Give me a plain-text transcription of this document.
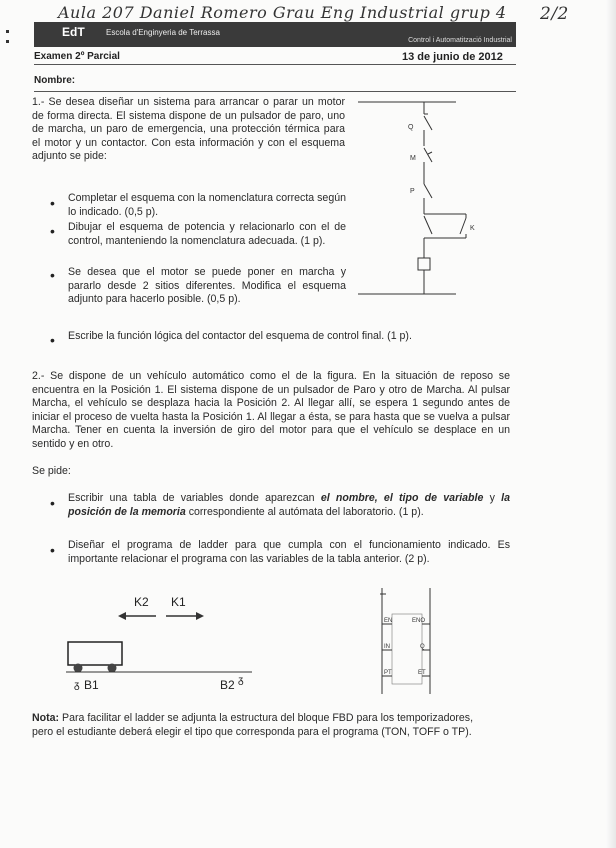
Aula 207 Daniel Romero Grau Eng Industrial grup 4 2/2
EdT	Escola d'Enginyeria de Terrassa
Control i Automatització Industrial
Examen 2º Parcial	13 de junio de 2012
Nombre:
1.- Se desea diseñar un sistema para arrancar o parar un motor de forma directa. El sistema dispone de un pulsador de paro, uno de marcha, un paro de emergencia, una protección térmica para el motor y un contactor. Con esta información y con el esquema adjunto se pide:
• Completar el esquema con la nomenclatura correcta según lo indicado. (0,5 p).
• Dibujar el esquema de potencia y relacionarlo con el de control, manteniendo la nomenclatura adecuada. (1 p).
• Se desea que el motor se puede poner en marcha y pararlo desde 2 sitios diferentes. Modifica el esquema adjunto para hacerlo posible. (0,5 p).
• Escribe la función lógica del contactor del esquema de control final. (1 p).
Q
M
P
K
2.- Se dispone de un vehículo automático como el de la figura. En la situación de reposo se encuentra en la Posición 1. El sistema dispone de un pulsador de Paro y otro de Marcha. Al pulsar Marcha, el vehículo se desplaza hacia la Posición 2. Al llegar allí, se espera 1 segundo antes de iniciar el proceso de vuelta hasta la Posición 1. Al llegar a ésta, se para hasta que se vuelva a pulsar Marcha. Tener en cuenta la inversión de giro del motor para que el vehículo se desplace en un sentido y en otro.
Se pide:
• Escribir una tabla de variables donde aparezcan el nombre, el tipo de variable y la posición de la memoria correspondiente al autómata del laboratorio. (1 p).
• Diseñar el programa de ladder para que cumpla con el funcionamiento indicado. Es importante relacionar el programa con las variables de la tabla anterior. (2 p).
K2 K1
ᵹ B1	B2 ᵹ
EN	ENO
IN	Q
PT	ET
Nota: Para facilitar el ladder se adjunta la estructura del bloque FBD para los temporizadores, pero el estudiante deberá elegir el tipo que corresponda para el programa (TON, TOFF o TP).
